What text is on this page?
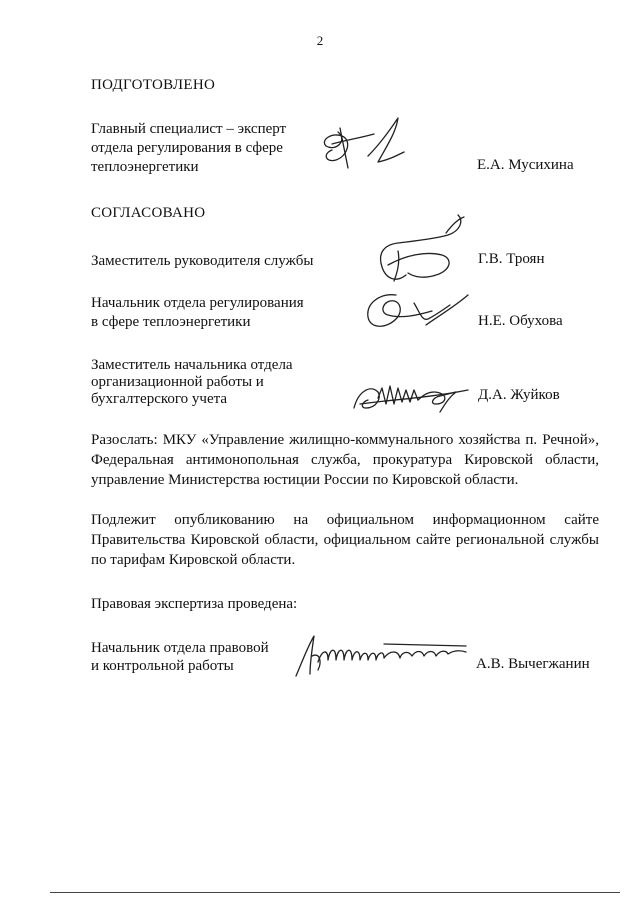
2
ПОДГОТОВЛЕНО
Главный специалист – эксперт
отдела регулирования в сфере
теплоэнергетики	Е.А. Мусихина
СОГЛАСОВАНО
Заместитель руководителя службы	Г.В. Троян
Начальник отдела регулирования
в сфере теплоэнергетики	Н.Е. Обухова
Заместитель начальника отдела
организационной работы и
бухгалтерского учета	Д.А. Жуйков
Разослать: МКУ «Управление жилищно-коммунального хозяйства п. Речной», Федеральная антимонопольная служба, прокуратура Кировской области, управление Министерства юстиции России по Кировской области.
Подлежит опубликованию на официальном информационном сайте Правительства Кировской области, официальном сайте региональной службы по тарифам Кировской области.
Правовая экспертиза проведена:
Начальник отдела правовой
и контрольной работы	А.В. Вычегжанин
